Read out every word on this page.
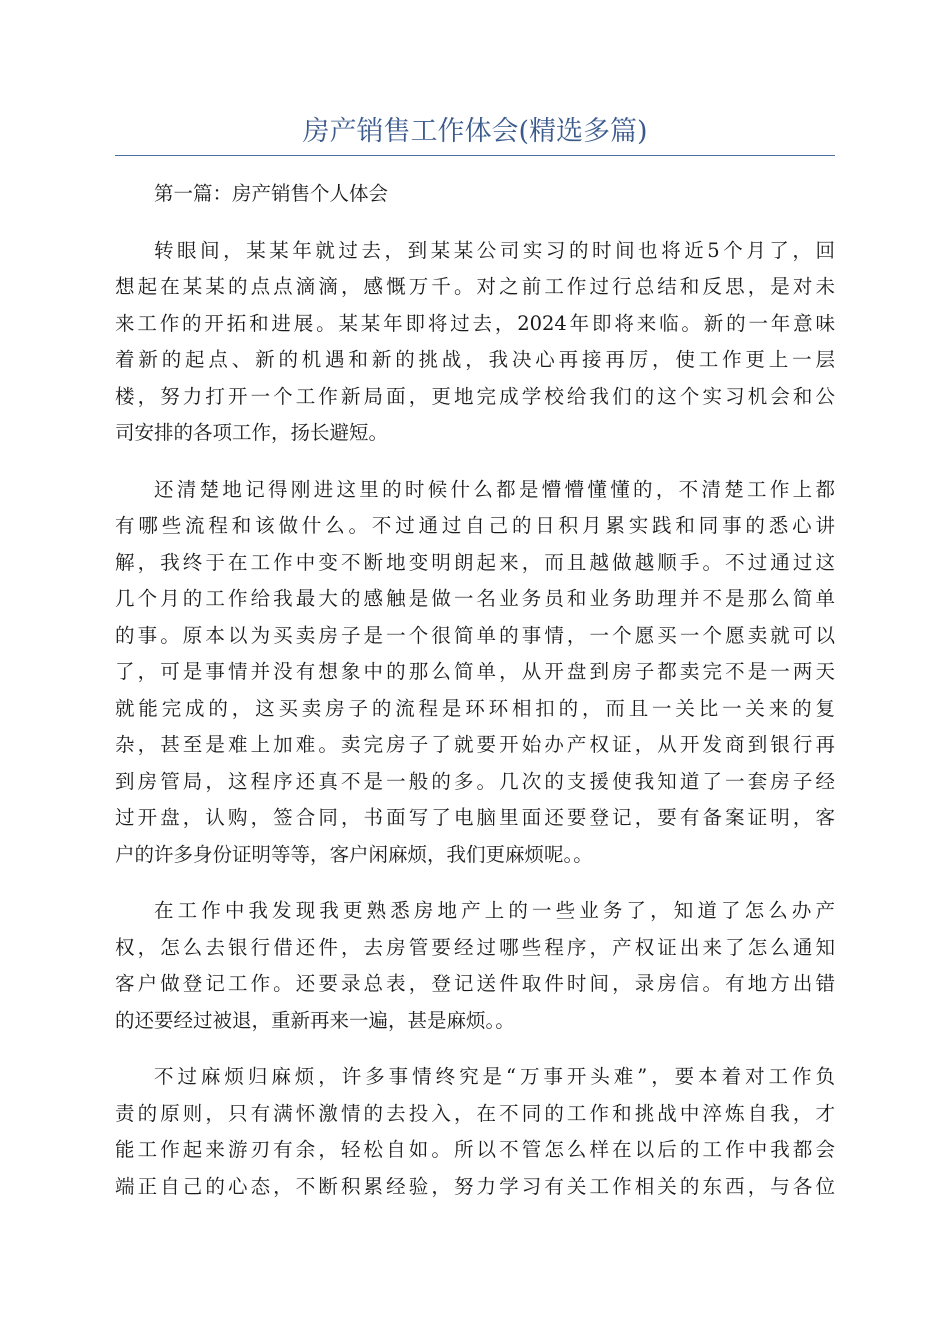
房产销售工作体会(精选多篇)
第一篇：房产销售个人体会
转眼间，某某年就过去，到某某公司实习的时间也将近5个月了，回
想起在某某的点点滴滴，感慨万千。对之前工作过行总结和反思，是对未
来工作的开拓和进展。某某年即将过去，2024年即将来临。新的一年意味
着新的起点、新的机遇和新的挑战，我决心再接再厉，使工作更上一层
楼，努力打开一个工作新局面，更地完成学校给我们的这个实习机会和公
司安排的各项工作，扬长避短。
还清楚地记得刚进这里的时候什么都是懵懵懂懂的，不清楚工作上都
有哪些流程和该做什么。不过通过自己的日积月累实践和同事的悉心讲
解，我终于在工作中变不断地变明朗起来，而且越做越顺手。不过通过这
几个月的工作给我最大的感触是做一名业务员和业务助理并不是那么简单
的事。原本以为买卖房子是一个很简单的事情，一个愿买一个愿卖就可以
了，可是事情并没有想象中的那么简单，从开盘到房子都卖完不是一两天
就能完成的，这买卖房子的流程是环环相扣的，而且一关比一关来的复
杂，甚至是难上加难。卖完房子了就要开始办产权证，从开发商到银行再
到房管局，这程序还真不是一般的多。几次的支援使我知道了一套房子经
过开盘，认购，签合同，书面写了电脑里面还要登记，要有备案证明，客
户的许多身份证明等等，客户闲麻烦，我们更麻烦呢。。
在工作中我发现我更熟悉房地产上的一些业务了，知道了怎么办产
权，怎么去银行借还件，去房管要经过哪些程序，产权证出来了怎么通知
客户做登记工作。还要录总表，登记送件取件时间，录房信。有地方出错
的还要经过被退，重新再来一遍，甚是麻烦。。
不过麻烦归麻烦，许多事情终究是“万事开头难”，要本着对工作负
责的原则，只有满怀激情的去投入，在不同的工作和挑战中淬炼自我，才
能工作起来游刃有余，轻松自如。所以不管怎么样在以后的工作中我都会
端正自己的心态，不断积累经验，努力学习有关工作相关的东西，与各位
